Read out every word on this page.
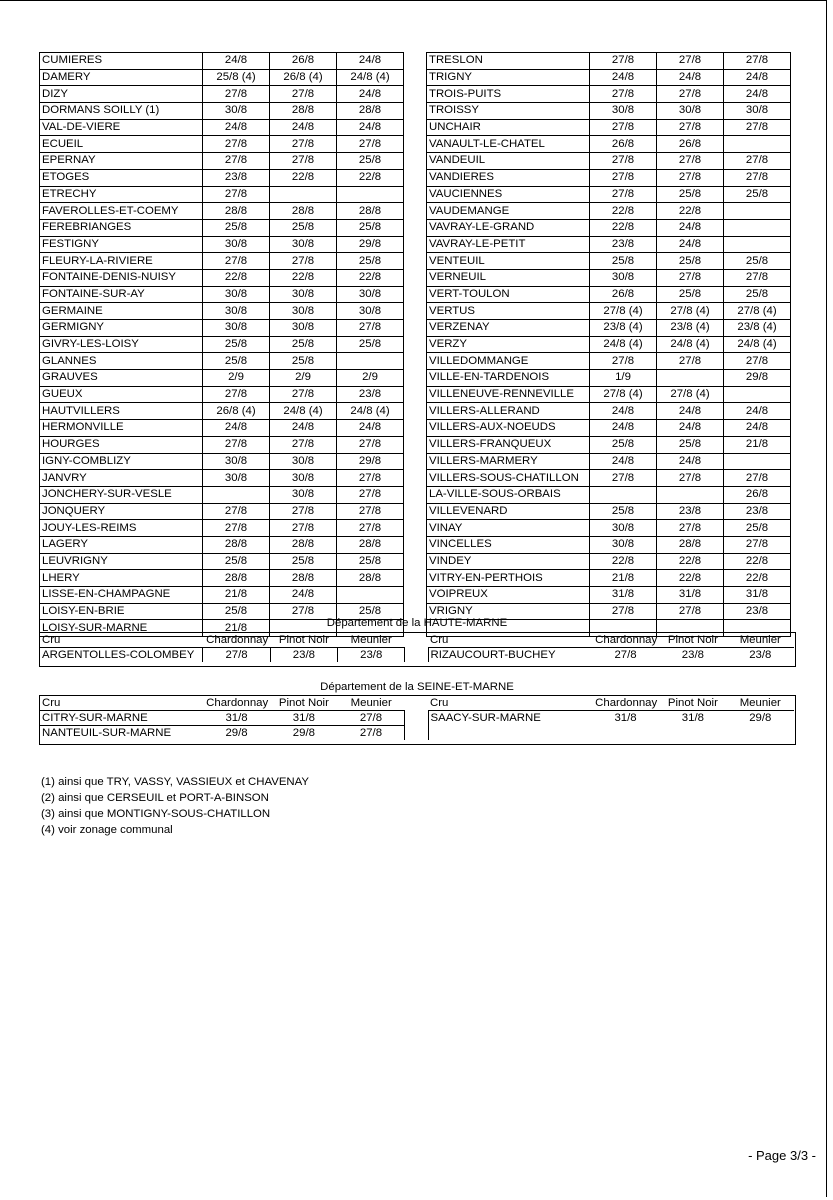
CUMIERES	24/8	26/8	24/8		TRESLON	27/8	27/8	27/8
DAMERY	25/8 (4)	26/8 (4)	24/8 (4)		TRIGNY	24/8	24/8	24/8
DIZY	27/8	27/8	24/8		TROIS-PUITS	27/8	27/8	24/8
DORMANS SOILLY (1)	30/8	28/8	28/8		TROISSY	30/8	30/8	30/8
VAL-DE-VIERE	24/8	24/8	24/8		UNCHAIR	27/8	27/8	27/8
ECUEIL	27/8	27/8	27/8		VANAULT-LE-CHATEL	26/8	26/8	
EPERNAY	27/8	27/8	25/8		VANDEUIL	27/8	27/8	27/8
ETOGES	23/8	22/8	22/8		VANDIERES	27/8	27/8	27/8
ETRECHY	27/8				VAUCIENNES	27/8	25/8	25/8
FAVEROLLES-ET-COEMY	28/8	28/8	28/8		VAUDEMANGE	22/8	22/8	
FEREBRIANGES	25/8	25/8	25/8		VAVRAY-LE-GRAND	22/8	24/8	
FESTIGNY	30/8	30/8	29/8		VAVRAY-LE-PETIT	23/8	24/8	
FLEURY-LA-RIVIERE	27/8	27/8	25/8		VENTEUIL	25/8	25/8	25/8
FONTAINE-DENIS-NUISY	22/8	22/8	22/8		VERNEUIL	30/8	27/8	27/8
FONTAINE-SUR-AY	30/8	30/8	30/8		VERT-TOULON	26/8	25/8	25/8
GERMAINE	30/8	30/8	30/8		VERTUS	27/8 (4)	27/8 (4)	27/8 (4)
GERMIGNY	30/8	30/8	27/8		VERZENAY	23/8 (4)	23/8 (4)	23/8 (4)
GIVRY-LES-LOISY	25/8	25/8	25/8		VERZY	24/8 (4)	24/8 (4)	24/8 (4)
GLANNES	25/8	25/8			VILLEDOMMANGE	27/8	27/8	27/8
GRAUVES	2/9	2/9	2/9		VILLE-EN-TARDENOIS	1/9		29/8
GUEUX	27/8	27/8	23/8		VILLENEUVE-RENNEVILLE	27/8 (4)	27/8 (4)	
HAUTVILLERS	26/8 (4)	24/8 (4)	24/8 (4)		VILLERS-ALLERAND	24/8	24/8	24/8
HERMONVILLE	24/8	24/8	24/8		VILLERS-AUX-NOEUDS	24/8	24/8	24/8
HOURGES	27/8	27/8	27/8		VILLERS-FRANQUEUX	25/8	25/8	21/8
IGNY-COMBLIZY	30/8	30/8	29/8		VILLERS-MARMERY	24/8	24/8	
JANVRY	30/8	30/8	27/8		VILLERS-SOUS-CHATILLON	27/8	27/8	27/8
JONCHERY-SUR-VESLE		30/8	27/8		LA-VILLE-SOUS-ORBAIS			26/8
JONQUERY	27/8	27/8	27/8		VILLEVENARD	25/8	23/8	23/8
JOUY-LES-REIMS	27/8	27/8	27/8		VINAY	30/8	27/8	25/8
LAGERY	28/8	28/8	28/8		VINCELLES	30/8	28/8	27/8
LEUVRIGNY	25/8	25/8	25/8		VINDEY	22/8	22/8	22/8
LHERY	28/8	28/8	28/8		VITRY-EN-PERTHOIS	21/8	22/8	22/8
LISSE-EN-CHAMPAGNE	21/8	24/8			VOIPREUX	31/8	31/8	31/8
LOISY-EN-BRIE	25/8	27/8	25/8		VRIGNY	27/8	27/8	23/8
LOISY-SUR-MARNE	21/8								Département de la HAUTE-MARNE
Cru	Chardonnay	Pinot Noir	Meunier		Cru	Chardonnay	Pinot Noir	Meunier
ARGENTOLLES-COLOMBEY	27/8	23/8	23/8		RIZAUCOURT-BUCHEY	27/8	23/8	23/8
Département de la SEINE-ET-MARNE
Cru	Chardonnay	Pinot Noir	Meunier		Cru	Chardonnay	Pinot Noir	Meunier
CITRY-SUR-MARNE	31/8	31/8	27/8		SAACY-SUR-MARNE	31/8	31/8	29/8
NANTEUIL-SUR-MARNE	29/8	29/8	27/8					
(1) ainsi que TRY, VASSY, VASSIEUX et CHAVENAY
(2) ainsi que CERSEUIL et PORT-A-BINSON
(3) ainsi que MONTIGNY-SOUS-CHATILLON
(4) voir zonage communal
- Page 3/3 -
